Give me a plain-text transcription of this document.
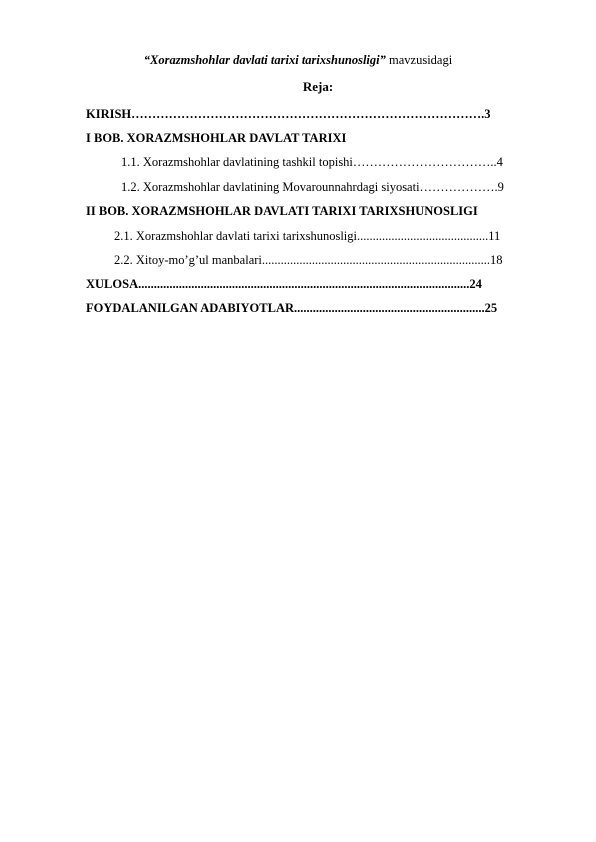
“Xorazmshohlar davlati tarixi tarixshunosligi” mavzusidagi
Reja:
KIRISH………………………………………………………………………….3
I BOB. XORAZMSHOHLAR DAVLAT TARIXI
1.1. Xorazmshohlar davlatining tashkil topishi……………………………..4
1.2. Xorazmshohlar davlatining Movarounnahrdagi siyosati……………….9
II BOB. XORAZMSHOHLAR DAVLATI TARIXI TARIXSHUNOSLIGI
2.1. Xorazmshohlar davlati tarixi tarixshunosligi..........................................11
2.2. Xitoy-mo’g’ul manbalari.........................................................................18
XULOSA..........................................................................................................24
FOYDALANILGAN ADABIYOTLAR.............................................................25
